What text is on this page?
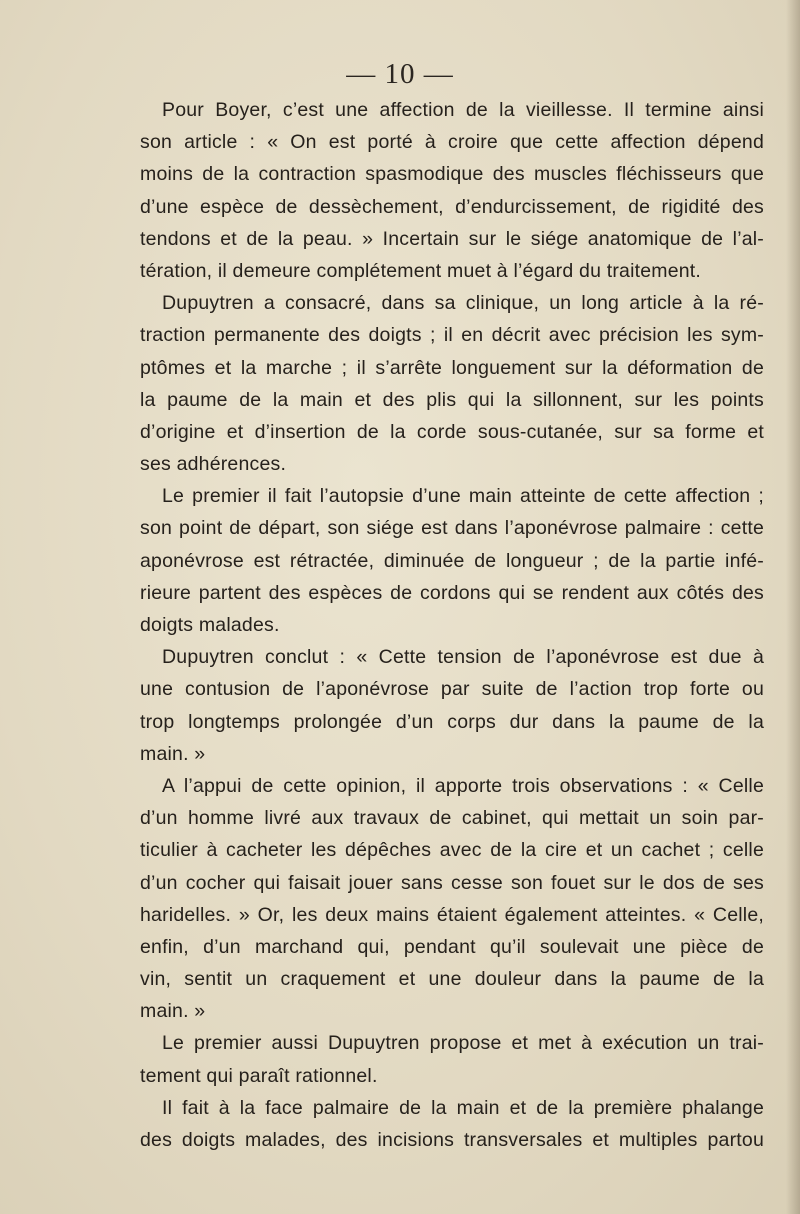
— 10 —
Pour Boyer, c’est une affection de la vieillesse. Il termine ainsi
son article : « On est porté à croire que cette affection dépend
moins de la contraction spasmodique des muscles fléchisseurs que
d’une espèce de dessèchement, d’endurcissement, de rigidité des
tendons et de la peau. » Incertain sur le siége anatomique de l’al-
tération, il demeure complétement muet à l’égard du traitement.
Dupuytren a consacré, dans sa clinique, un long article à la ré-
traction permanente des doigts ; il en décrit avec précision les sym-
ptômes et la marche ; il s’arrête longuement sur la déformation de
la paume de la main et des plis qui la sillonnent, sur les points
d’origine et d’insertion de la corde sous-cutanée, sur sa forme et
ses adhérences.
Le premier il fait l’autopsie d’une main atteinte de cette affection ;
son point de départ, son siége est dans l’aponévrose palmaire : cette
aponévrose est rétractée, diminuée de longueur ; de la partie infé-
rieure partent des espèces de cordons qui se rendent aux côtés des
doigts malades.
Dupuytren conclut : « Cette tension de l’aponévrose est due à
une contusion de l’aponévrose par suite de l’action trop forte ou
trop longtemps prolongée d’un corps dur dans la paume de la
main. »
A l’appui de cette opinion, il apporte trois observations : « Celle
d’un homme livré aux travaux de cabinet, qui mettait un soin par-
ticulier à cacheter les dépêches avec de la cire et un cachet ; celle
d’un cocher qui faisait jouer sans cesse son fouet sur le dos de ses
haridelles. » Or, les deux mains étaient également atteintes. « Celle,
enfin, d’un marchand qui, pendant qu’il soulevait une pièce de
vin, sentit un craquement et une douleur dans la paume de la
main. »
Le premier aussi Dupuytren propose et met à exécution un trai-
tement qui paraît rationnel.
Il fait à la face palmaire de la main et de la première phalange
des doigts malades, des incisions transversales et multiples partou
